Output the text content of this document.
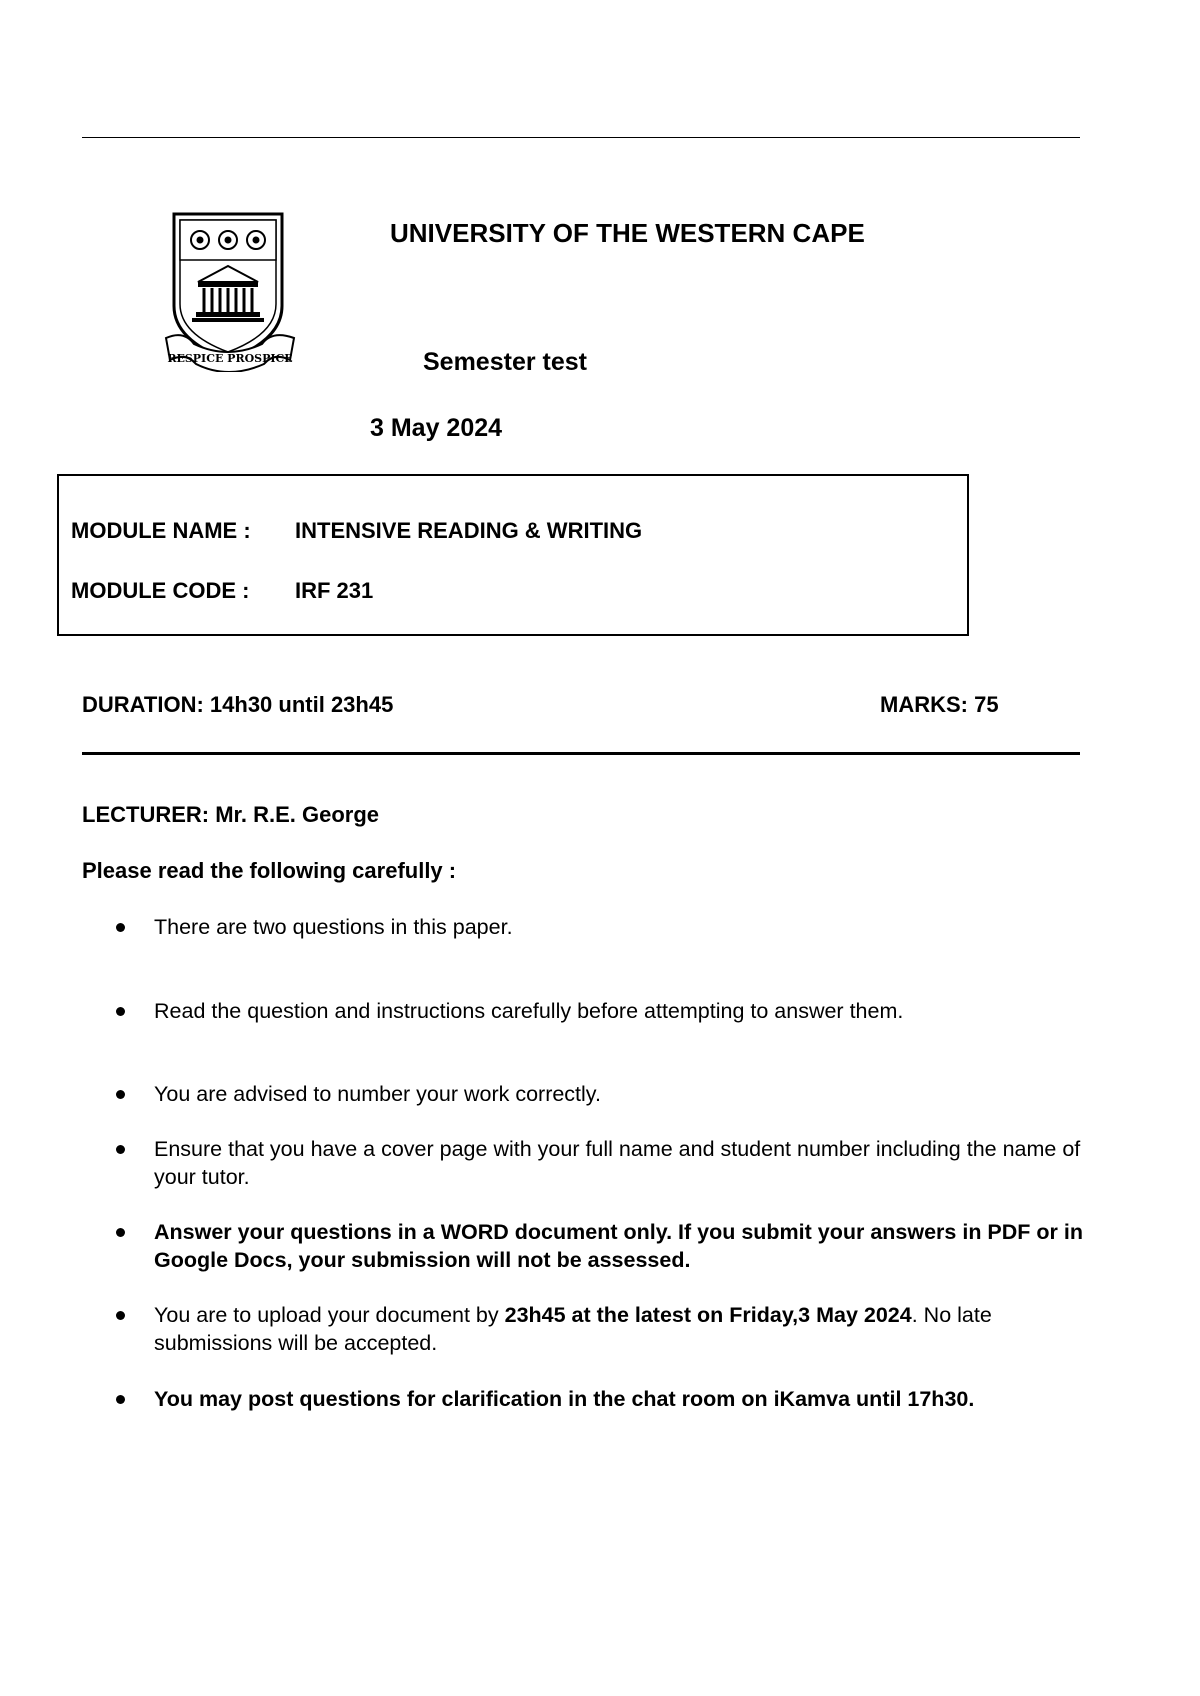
RESPICE PROSPICE
UNIVERSITY OF THE WESTERN CAPE
Semester test
3 May 2024
MODULE NAME : INTENSIVE READING & WRITING
MODULE CODE : IRF 231
DURATION: 14h30 until 23h45	MARKS: 75
LECTURER: Mr. R.E. George
Please read the following carefully :
There are two questions in this paper.
Read the question and instructions carefully before attempting to answer them.
You are advised to number your work correctly.
Ensure that you have a cover page with your full name and student number including the name of your tutor.
Answer your questions in a WORD document only. If you submit your answers in PDF or in Google Docs, your submission will not be assessed.
You are to upload your document by 23h45 at the latest on Friday,3 May 2024. No late submissions will be accepted.
You may post questions for clarification in the chat room on iKamva until 17h30.
